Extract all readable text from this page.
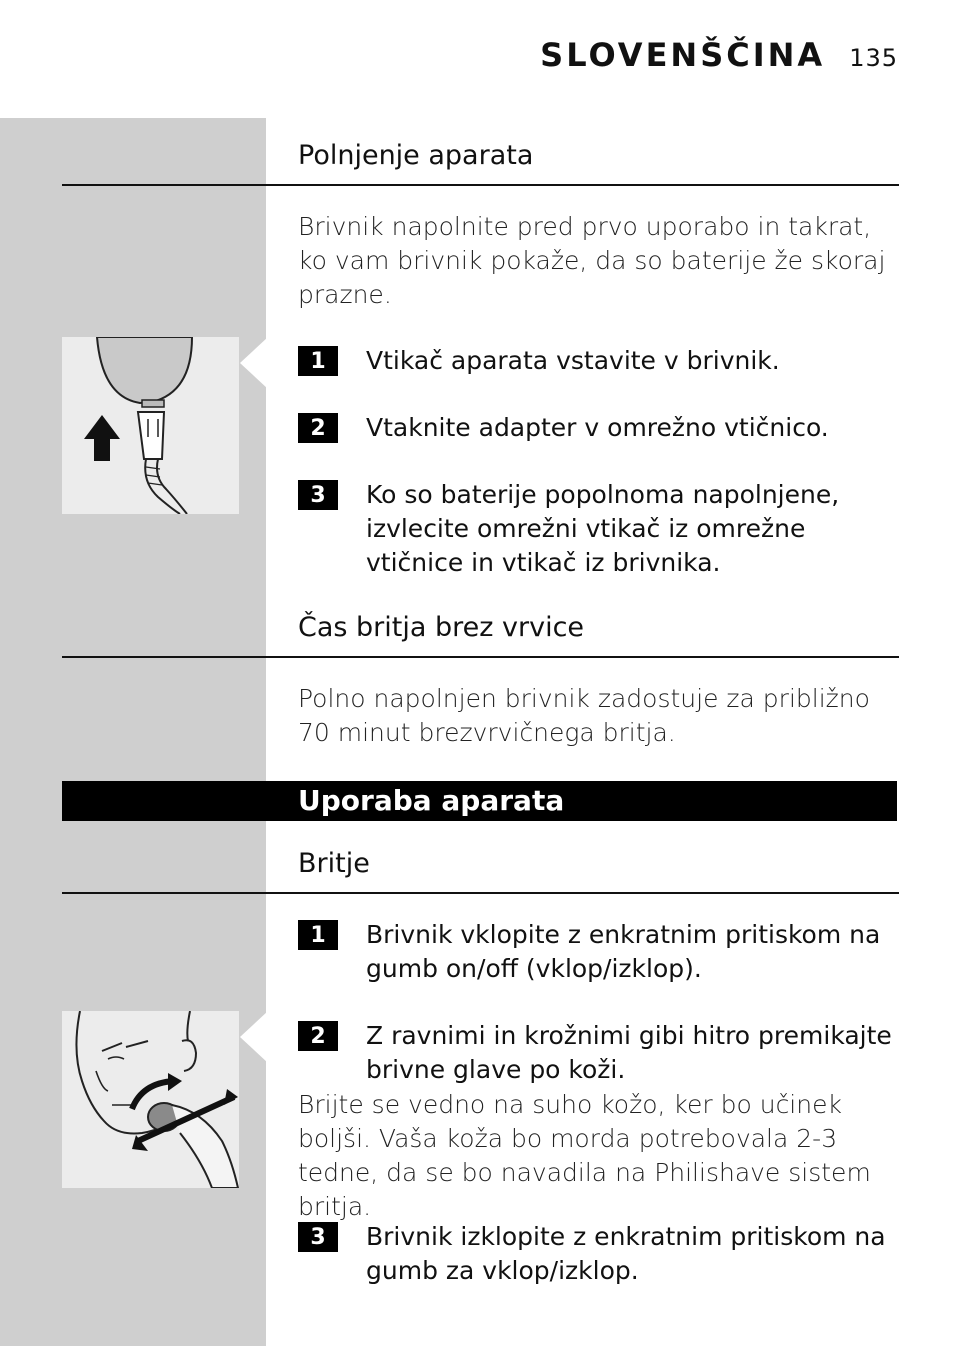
SLOVENŠČINA 135
Polnjenje aparata

Brivnik napolnite pred prvo uporabo in takrat, ko vam brivnik pokaže, da so baterije že skoraj prazne.

1	Vtikač aparata vstavite v brivnik.
2	Vtaknite adapter v omrežno vtičnico.
3	Ko so baterije popolnoma napolnjene, izvlecite omrežni vtikač iz omrežne vtičnice in vtikač iz brivnika.
Čas britja brez vrvice

Polno napolnjen brivnik zadostuje za približno 70 minut brezvrvičnega britja.

Uporaba aparata
Britje
1	Brivnik vklopite z enkratnim pritiskom na gumb on/off (vklop/izklop).
2	Z ravnimi in krožnimi gibi hitro premikajte brivne glave po koži.

Brijte se vedno na suho kožo, ker bo učinek boljši. Vaša koža bo morda potrebovala 2-3 tedne, da se bo navadila na Philishave sistem britja.

3	Brivnik izklopite z enkratnim pritiskom na gumb za vklop/izklop.
